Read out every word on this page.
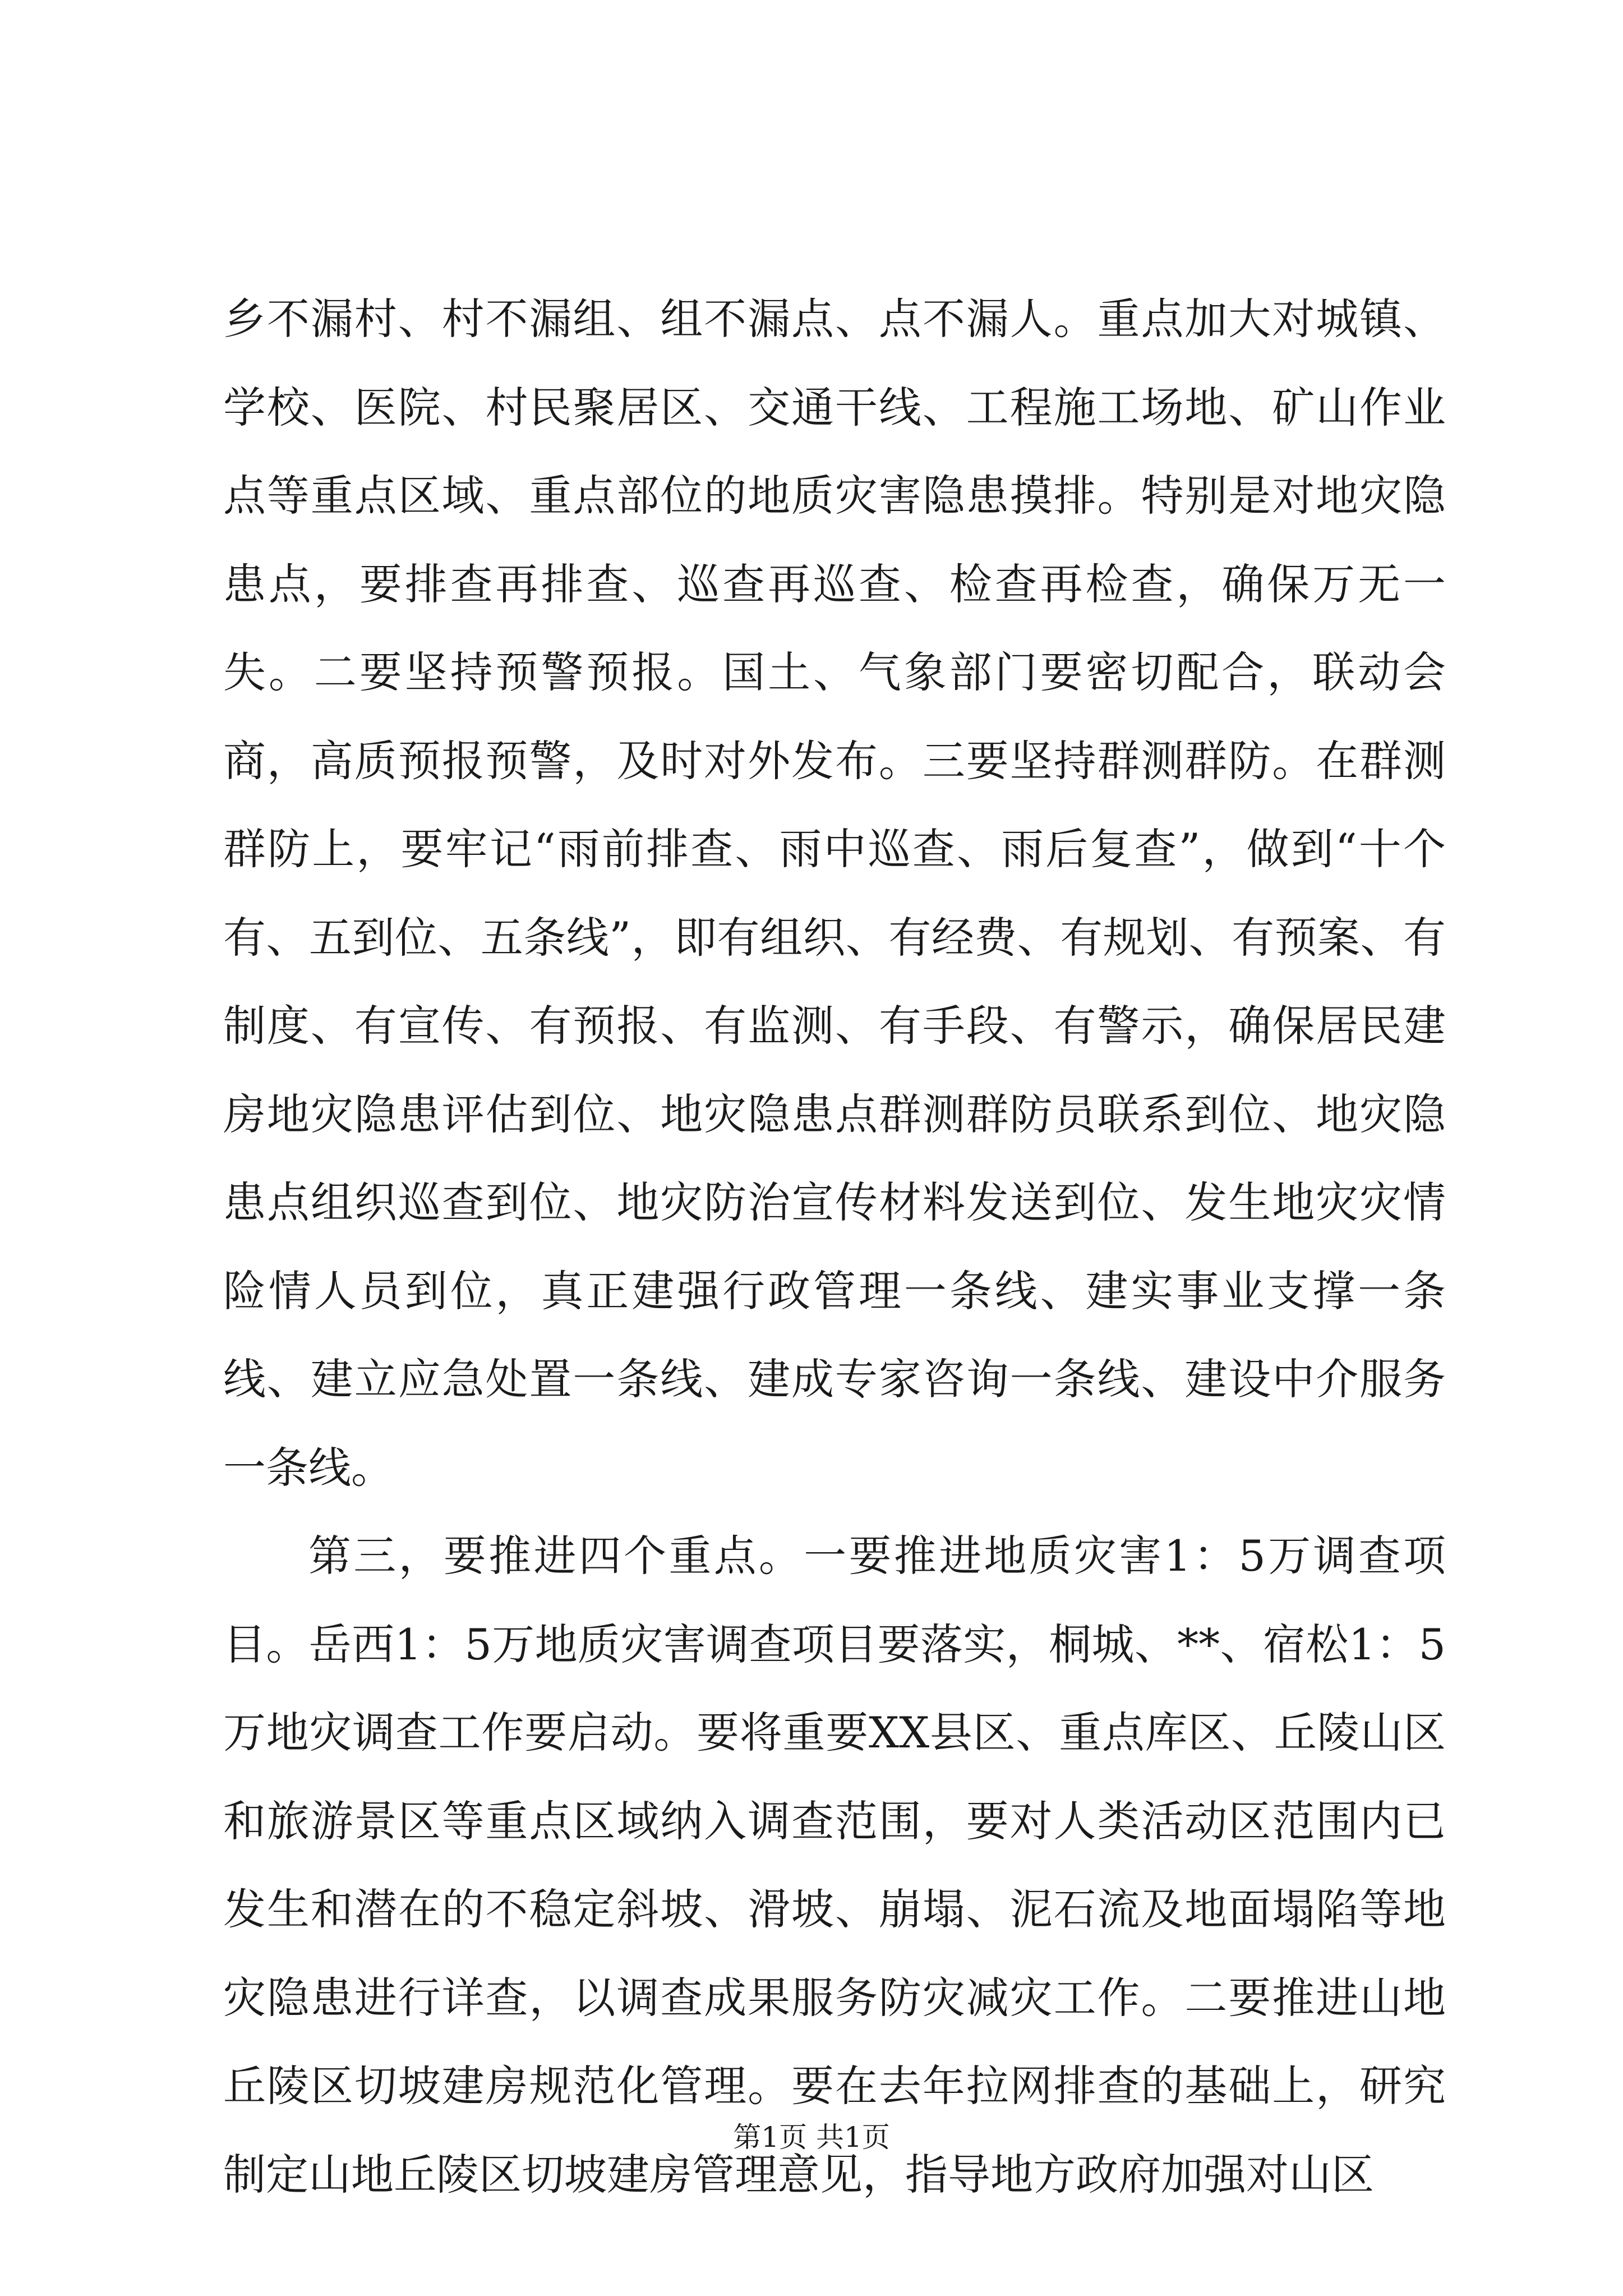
乡不漏村、村不漏组、组不漏点、点不漏人。重点加大对城镇、学校、医院、村民聚居区、交通干线、工程施工场地、矿山作业点等重点区域、重点部位的地质灾害隐患摸排。特别是对地灾隐患点，要排查再排查、巡查再巡查、检查再检查，确保万无一失。二要坚持预警预报。国土、气象部门要密切配合，联动会商，高质预报预警，及时对外发布。三要坚持群测群防。在群测群防上，要牢记“雨前排查、雨中巡查、雨后复查”，做到“十个有、五到位、五条线”，即有组织、有经费、有规划、有预案、有制度、有宣传、有预报、有监测、有手段、有警示，确保居民建房地灾隐患评估到位、地灾隐患点群测群防员联系到位、地灾隐患点组织巡查到位、地灾防治宣传材料发送到位、发生地灾灾情险情人员到位，真正建强行政管理一条线、建实事业支撑一条线、建立应急处置一条线、建成专家咨询一条线、建设中介服务一条线。

第三，要推进四个重点。一要推进地质灾害1：5万调查项目。岳西1：5万地质灾害调查项目要落实，桐城、**、宿松1：5万地灾调查工作要启动。要将重要XX县区、重点库区、丘陵山区和旅游景区等重点区域纳入调查范围，要对人类活动区范围内已发生和潜在的不稳定斜坡、滑坡、崩塌、泥石流及地面塌陷等地灾隐患进行详查，以调查成果服务防灾减灾工作。二要推进山地丘陵区切坡建房规范化管理。要在去年拉网排查的基础上，研究制定山地丘陵区切坡建房管理意见，指导地方政府加强对山区

第1页 共1页
